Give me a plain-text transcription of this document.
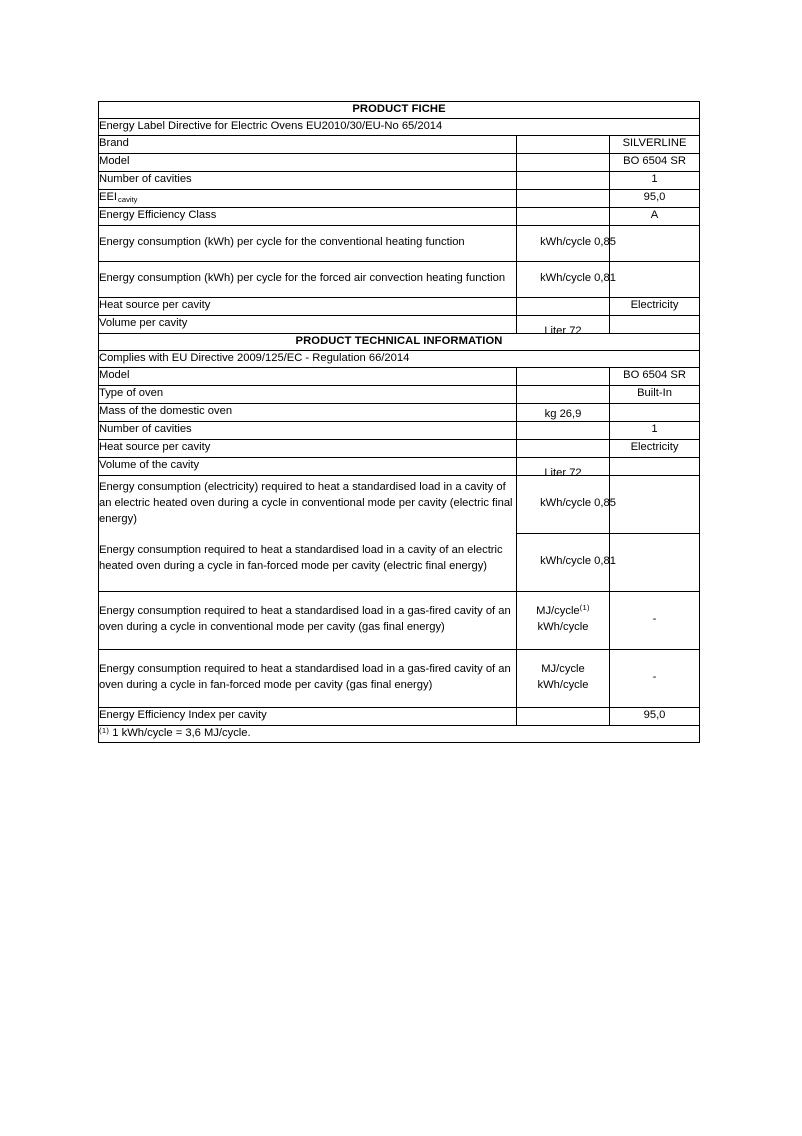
PRODUCT FICHE		
Energy Label Directive for Electric Ovens EU2010/30/EU-No 65/2014		
Brand		SILVERLINE
Model		BO 6504 SR
Number of cavities		1
$EEI_{cavity}$		95,0
Energy Efficiency Class		A
Energy consumption (kWh) per cycle for the conventional heating function	kWh/cycle 0,85	

Energy consumption (kWh) per cycle for the forced air convection heating function	kWh/cycle 0,81	

Heat source per cavity		Electricity
Volume per cavity	Liter 72	

PRODUCT TECHNICAL INFORMATION		
Complies with EU Directive 2009/125/EC - Regulation 66/2014		
Model		BO 6504 SR
Type of oven		Built-In
Mass of the domestic oven	kg 26,9	

Number of cavities		1
Heat source per cavity		Electricity
Volume of the cavity	Liter 72	

Energy consumption (electricity) required to heat a standardised load in a cavity of an electric heated oven during a cycle in conventional mode per cavity (electric final energy)	kWh/cycle 0,85	

Energy consumption required to heat a standardised load in a cavity of an electric heated oven during a cycle in fan-forced mode per cavity (electric final energy)	kWh/cycle 0,81	

Energy consumption required to heat a standardised load in a gas-fired cavity of an oven during a cycle in conventional mode per cavity (gas final energy)	MJ/cycle$^{(1)}$
kWh/cycle	-
Energy consumption required to heat a standardised load in a gas-fired cavity of an oven during a cycle in fan-forced mode per cavity (gas final energy)	MJ/cycle
kWh/cycle	-
Energy Efficiency Index per cavity		95,0
$^{(1)}$ 1 kWh/cycle = 3,6 MJ/cycle.		
